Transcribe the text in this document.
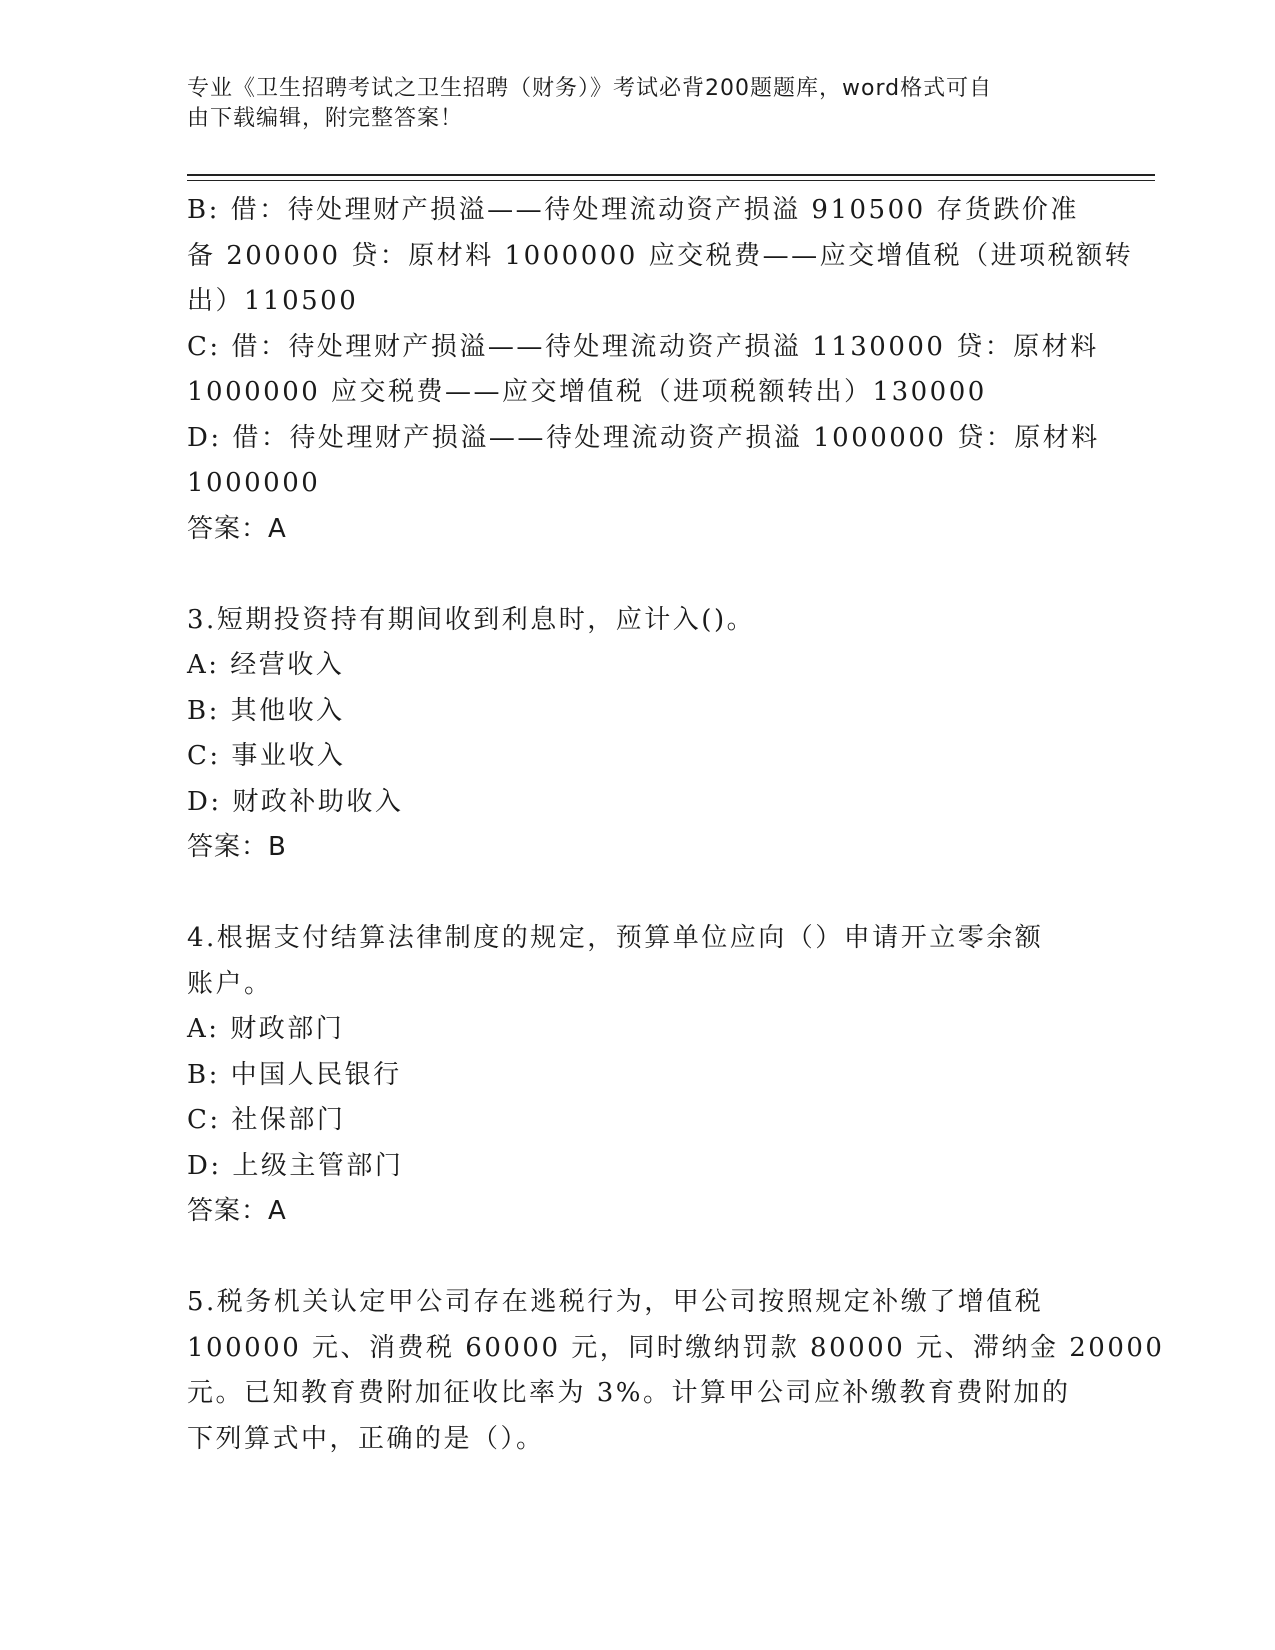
专业《卫生招聘考试之卫生招聘（财务）》考试必背200题题库，word格式可自
由下载编辑，附完整答案！
B: 借：待处理财产损溢——待处理流动资产损溢 910500 存货跌价准
备 200000 贷：原材料 1000000 应交税费——应交增值税（进项税额转
出）110500
C: 借：待处理财产损溢——待处理流动资产损溢 1130000 贷：原材料
1000000 应交税费——应交增值税（进项税额转出）130000
D: 借：待处理财产损溢——待处理流动资产损溢 1000000 贷：原材料
1000000
答案：A
3.短期投资持有期间收到利息时，应计入()。
A: 经营收入
B: 其他收入
C: 事业收入
D: 财政补助收入
答案：B
4.根据支付结算法律制度的规定，预算单位应向（）申请开立零余额
账户。
A: 财政部门
B: 中国人民银行
C: 社保部门
D: 上级主管部门
答案：A
5.税务机关认定甲公司存在逃税行为，甲公司按照规定补缴了增值税
100000 元、消费税 60000 元，同时缴纳罚款 80000 元、滞纳金 20000
元。已知教育费附加征收比率为 3%。计算甲公司应补缴教育费附加的
下列算式中，正确的是（）。
